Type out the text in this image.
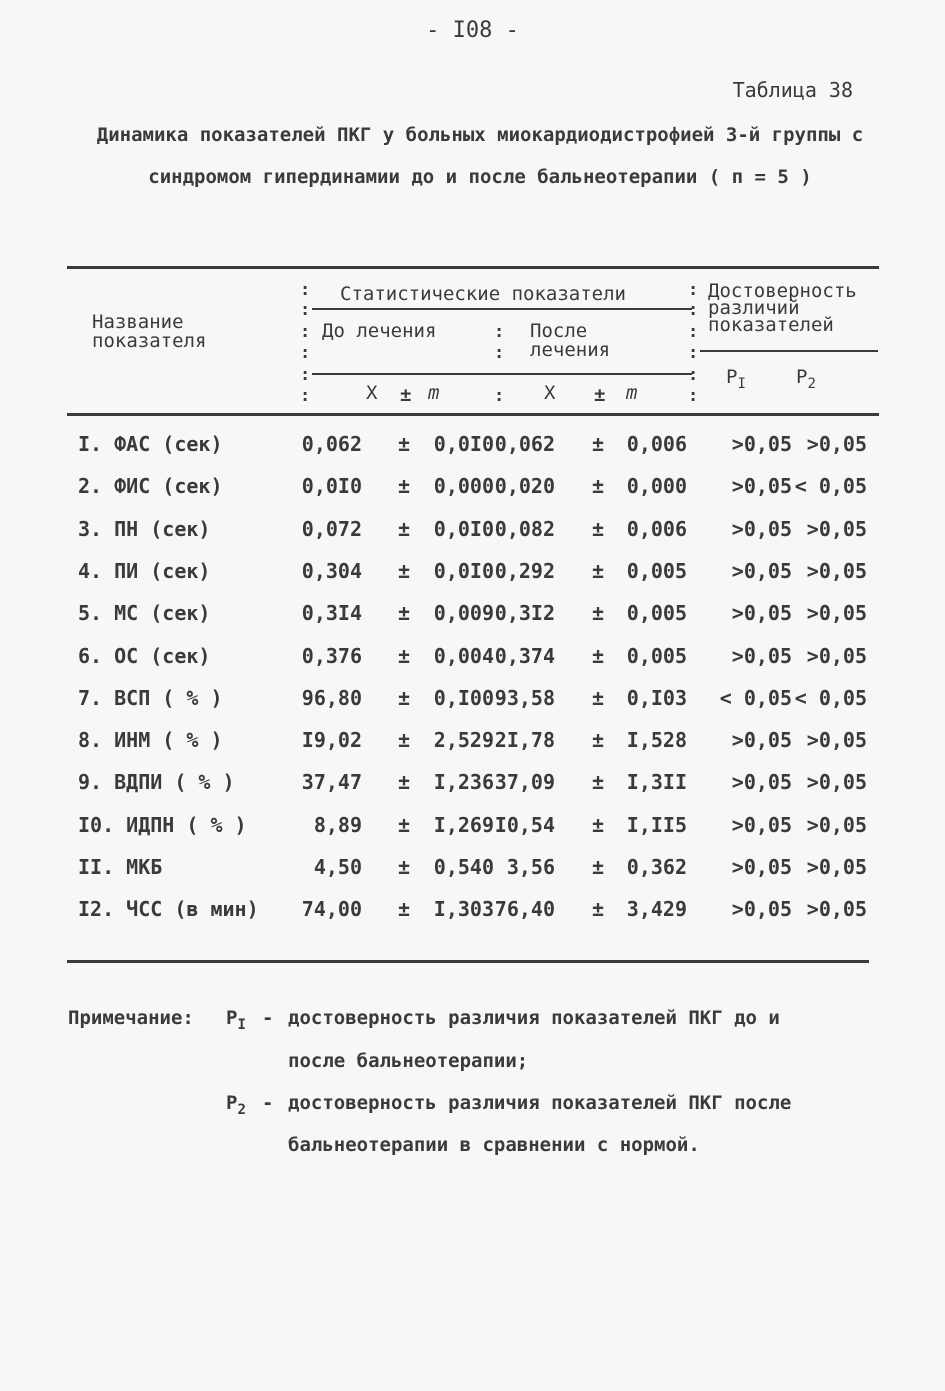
- I08 -
Таблица 38
Динамика показателей ПКГ у больных миокардиодистрофией 3-й группы с синдромом гипердинамии до и после бальнеотерапии ( п = 5 )
Название
показателя
Статистические показатели
До лечения	После
лечения
Достоверность
различий
показателей
X ± m	X ± m
$P_I$	$P_2$
:
:
:
:
:
:
:
:
:
:
:
:
:
:
:
I. ФАС (сек)	0,062 ± 0,0I0 0,062 ± 0,006 >0,05 >0,05
2. ФИС (сек)	0,0I0 ± 0,000 0,020 ± 0,000 >0,05 < 0,05
3. ПН (сек)	0,072 ± 0,0I0 0,082 ± 0,006 >0,05 >0,05
4. ПИ (сек)	0,304 ± 0,0I0 0,292 ± 0,005 >0,05 >0,05
5. МС (сек)	0,3I4 ± 0,009 0,3I2 ± 0,005 >0,05 >0,05
6. ОС (сек)	0,376 ± 0,004 0,374 ± 0,005 >0,05 >0,05
7. ВСП ( % )	96,80 ± 0,I00 93,58 ± 0,I03 < 0,05 < 0,05
8. ИНМ ( % )	I9,02 ± 2,529 2I,78 ± I,528 >0,05 >0,05
9. ВДПИ ( % )	37,47 ± I,236 37,09 ± I,3II >0,05 >0,05
I0. ИДПН ( % )	8,89 ± I,269 I0,54 ± I,II5 >0,05 >0,05
II. МКБ	4,50 ± 0,540 3,56 ± 0,362 >0,05 >0,05
I2. ЧСС (в мин) 74,00 ± I,303 76,40 ± 3,429 >0,05 >0,05
Примечание: $P_I$ - достоверность различия показателей ПКГ до и
после бальнеотерапии;
$P_2$ - достоверность различия показателей ПКГ после
бальнеотерапии в сравнении с нормой.
